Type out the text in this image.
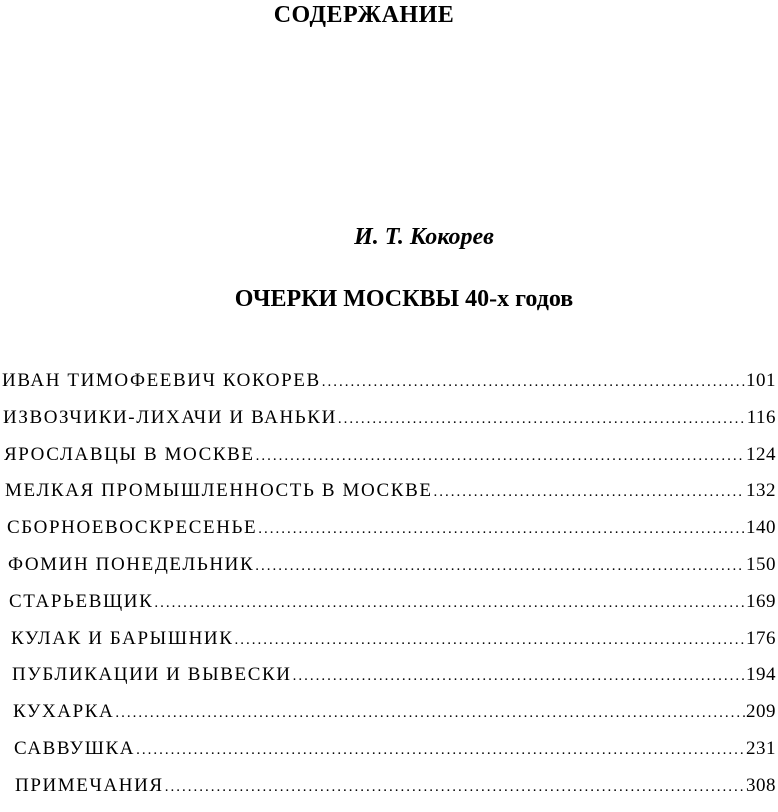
СОДЕРЖАНИЕ
И. Т. Кокорев
ОЧЕРКИ МОСКВЫ 40-х годов
ИВАН ТИМОФЕЕВИЧ КОКОРЕВ .....	101
ИЗВОЗЧИКИ-ЛИХАЧИ И ВАНЬКИ .....	116
ЯРОСЛАВЦЫ В МОСКВЕ .....	124
МЕЛКАЯ ПРОМЫШЛЕННОСТЬ В МОСКВЕ .....	132
СБОРНОЕВОСКРЕСЕНЬЕ .....	140
ФОМИН ПОНЕДЕЛЬНИК .....	150
СТАРЬЕВЩИК .....	169
КУЛАК И БАРЫШНИК .....	176
ПУБЛИКАЦИИ И ВЫВЕСКИ .....	194
КУХАРКА .....	209
САВВУШКА .....	231
ПРИМЕЧАНИЯ .....	308
